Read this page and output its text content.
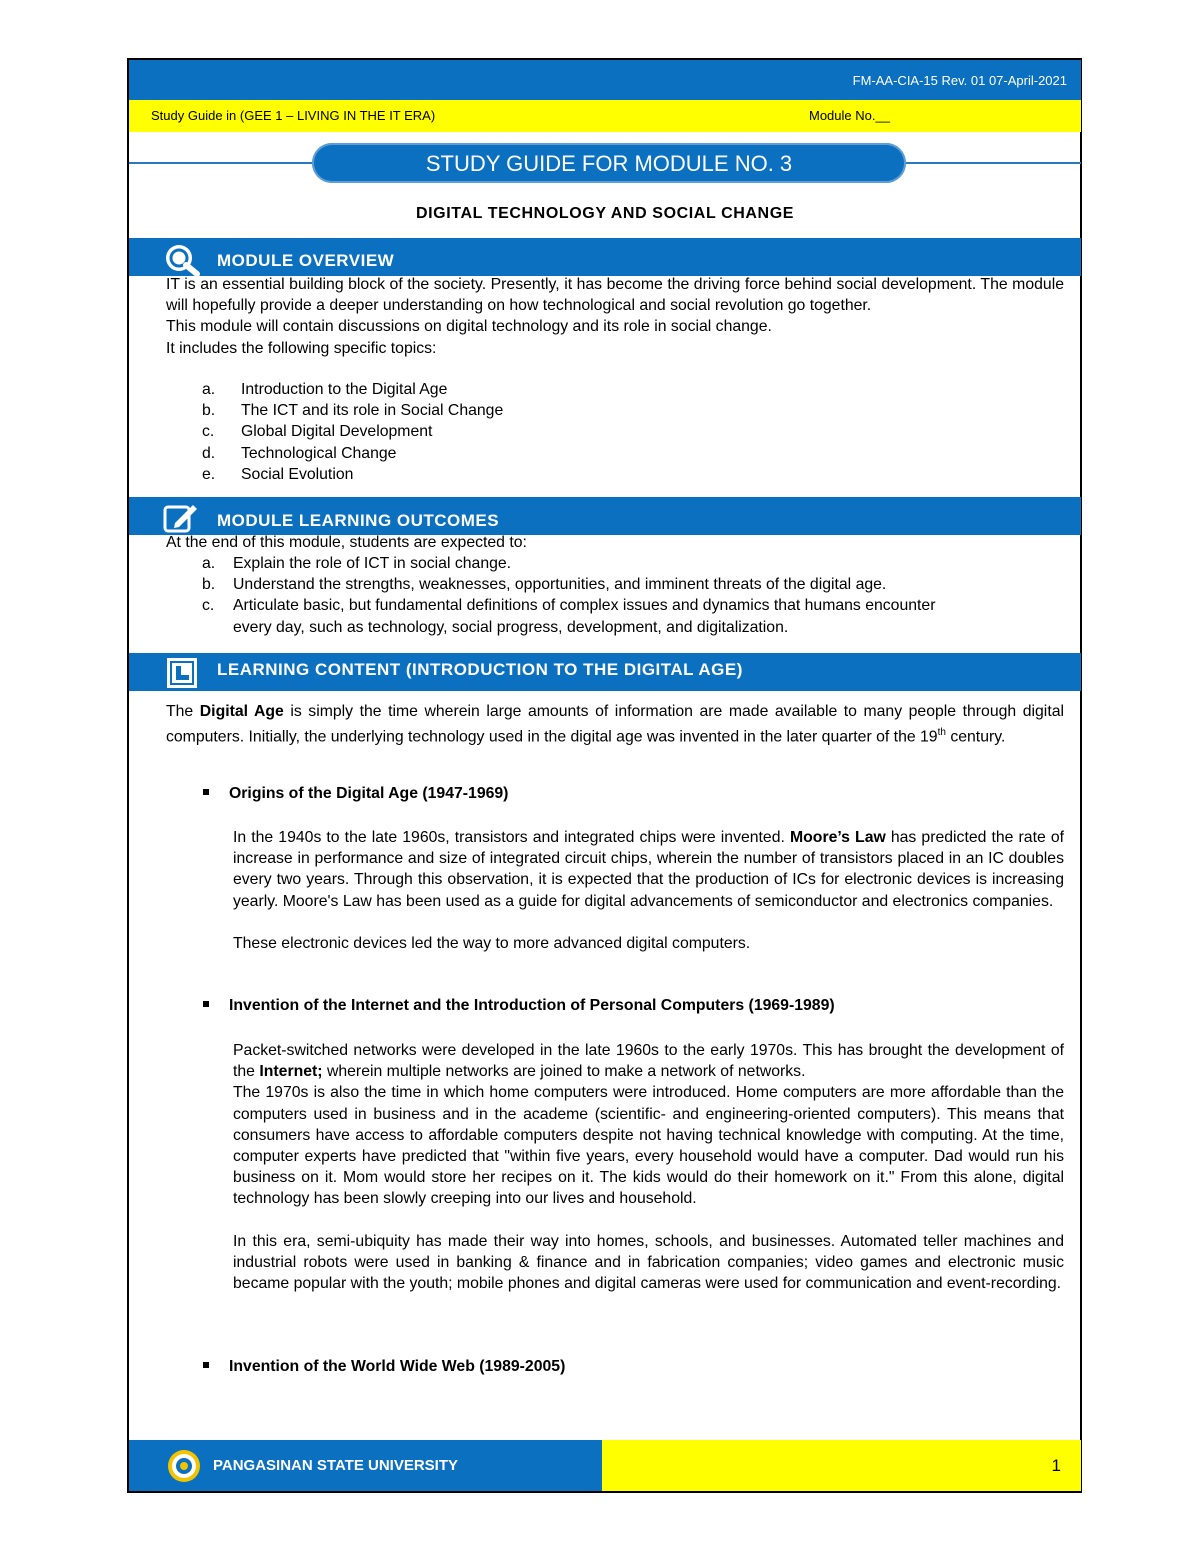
FM-AA-CIA-15 Rev. 01 07-April-2021
Study Guide in (GEE 1 – LIVING IN THE IT ERA)	Module No.__
STUDY GUIDE FOR MODULE NO. 3
DIGITAL TECHNOLOGY AND SOCIAL CHANGE
MODULE OVERVIEW

IT is an essential building block of the society. Presently, it has become the driving force behind social development. The module will hopefully provide a deeper understanding on how technological and social revolution go together.

This module will contain discussions on digital technology and its role in social change.

It includes the following specific topics:

a. Introduction to the Digital Age
b. The ICT and its role in Social Change
c. Global Digital Development
d. Technological Change
e. Social Evolution
MODULE LEARNING OUTCOMES
At the end of this module, students are expected to:
a. Explain the role of ICT in social change.
b. Understand the strengths, weaknesses, opportunities, and imminent threats of the digital age.
c. Articulate basic, but fundamental definitions of complex issues and dynamics that humans encounter
every day, such as technology, social progress, development, and digitalization.
LEARNING CONTENT (INTRODUCTION TO THE DIGITAL AGE)

The Digital Age is simply the time wherein large amounts of information are made available to many people through digital computers. Initially, the underlying technology used in the digital age was invented in the later quarter of the 19th century.

Origins of the Digital Age (1947-1969)

In the 1940s to the late 1960s, transistors and integrated chips were invented. Moore’s Law has predicted the rate of increase in performance and size of integrated circuit chips, wherein the number of transistors placed in an IC doubles every two years. Through this observation, it is expected that the production of ICs for electronic devices is increasing yearly. Moore's Law has been used as a guide for digital advancements of semiconductor and electronics companies.

These electronic devices led the way to more advanced digital computers.

Invention of the Internet and the Introduction of Personal Computers (1969-1989)

Packet-switched networks were developed in the late 1960s to the early 1970s. This has brought the development of the Internet; wherein multiple networks are joined to make a network of networks.

The 1970s is also the time in which home computers were introduced. Home computers are more affordable than the computers used in business and in the academe (scientific- and engineering-oriented computers). This means that consumers have access to affordable computers despite not having technical knowledge with computing. At the time, computer experts have predicted that "within five years, every household would have a computer. Dad would run his business on it. Mom would store her recipes on it. The kids would do their homework on it." From this alone, digital technology has been slowly creeping into our lives and household.

In this era, semi-ubiquity has made their way into homes, schools, and businesses. Automated teller machines and industrial robots were used in banking & finance and in fabrication companies; video games and electronic music became popular with the youth; mobile phones and digital cameras were used for communication and event-recording.

Invention of the World Wide Web (1989-2005)
PANGASINAN STATE UNIVERSITY	1
